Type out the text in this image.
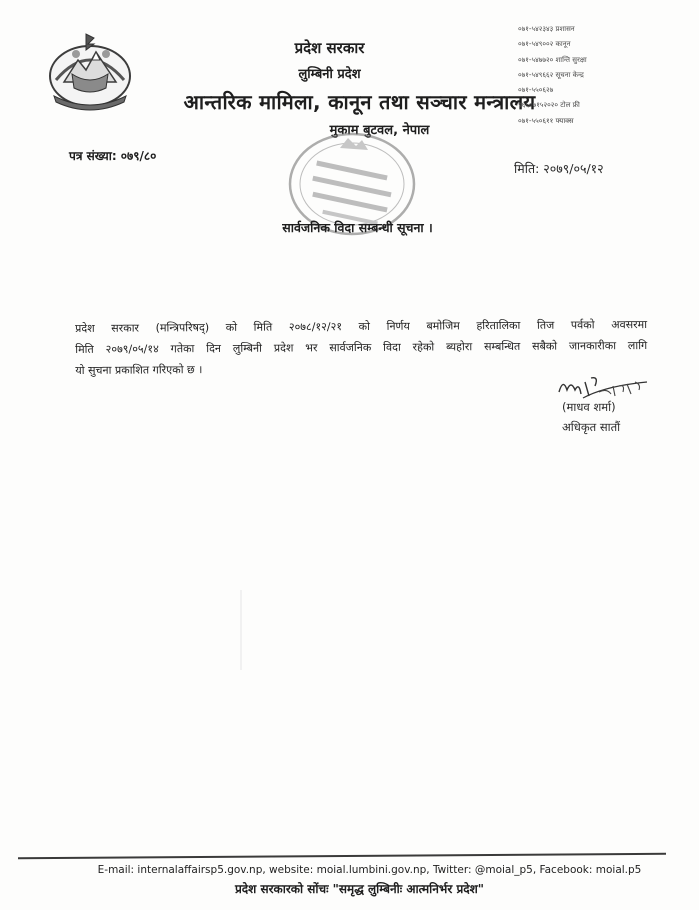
प्रदेश सरकार
लुम्बिनी प्रदेश
आन्तरिक मामिला, कानून तथा सञ्चार मन्त्रालय
मुकाम बुटवल, नेपाल
०७१-५४२३४३ प्रशासन
०७१-५४९००२ कानून
०७१-५४७७२० शान्ति सुरक्षा
०७१-५४९६६२ सूचना केन्द्र
०७१-५५०६२७
९६६०७१५२०२० टोल फ्री
०७१-५५०६११ फ्याक्स
पत्र संख्या: ०७९/८०
मिति: २०७९/०५/१२
सार्वजनिक विदा सम्बन्धी सूचना ।
प्रदेश सरकार (मन्त्रिपरिषद्) को मिति २०७८/१२/२१ को निर्णय बमोजिम हरितालिका तिज पर्वको अवसरमा
मिति २०७९/०५/१४ गतेका दिन लुम्बिनी प्रदेश भर सार्वजनिक विदा रहेको ब्यहोरा सम्बन्धित सबैको जानकारीका लागि
यो सुचना प्रकाशित गरिएको छ ।
(माधव शर्मा)
अधिकृत सातौं
E-mail: internalaffairsp5.gov.np, website: moial.lumbini.gov.np, Twitter: @moial_p5, Facebook: moial.p5
प्रदेश सरकारको सोंचः "समृद्ध लुम्बिनीः आत्मनिर्भर प्रदेश"
